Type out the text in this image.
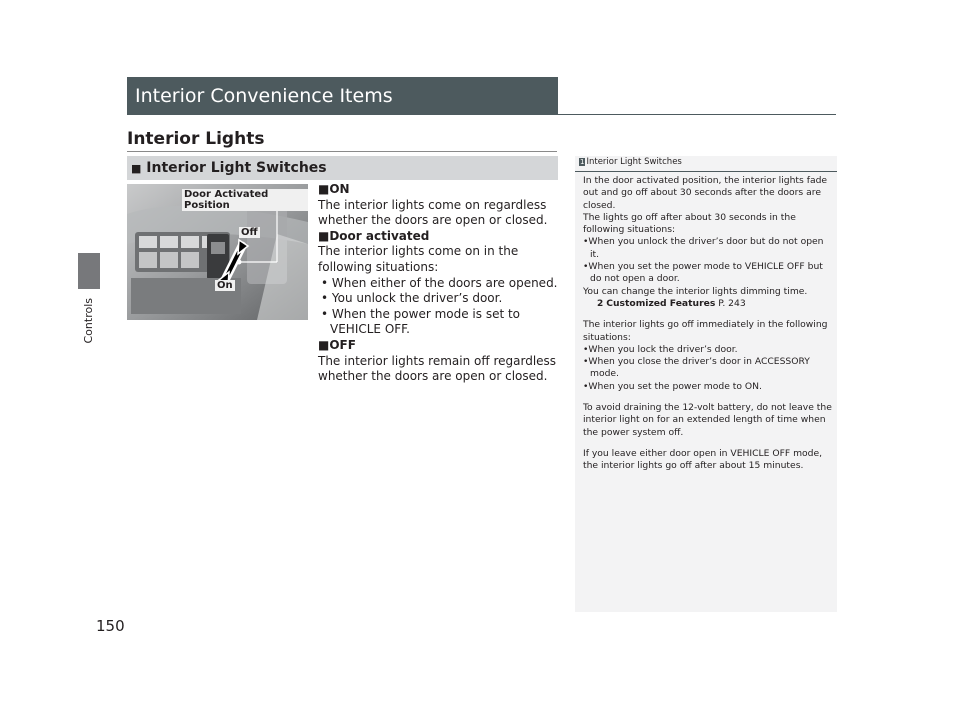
Controls
150
Interior Convenience Items
Interior Lights
■ Interior Light Switches
Door Activated Position
Off
On

■ON

The interior lights come on regardless whether the doors are open or closed.

■Door activated

The interior lights come on in the following situations:

• When either of the doors are opened.

• You unlock the driver’s door.

• When the power mode is set to VEHICLE OFF.

■OFF

The interior lights remain off regardless whether the doors are open or closed.

1 Interior Light Switches

In the door activated position, the interior lights fade out and go off about 30 seconds after the doors are closed.

The lights go off after about 30 seconds in the following situations:

•When you unlock the driver’s door but do not open it.

•When you set the power mode to VEHICLE OFF but do not open a door.

You can change the interior lights dimming time.

2 Customized Features P. 243

The interior lights go off immediately in the following situations:

•When you lock the driver’s door.

•When you close the driver’s door in ACCESSORY mode.

•When you set the power mode to ON.

To avoid draining the 12-volt battery, do not leave the interior light on for an extended length of time when the power system off.

If you leave either door open in VEHICLE OFF mode, the interior lights go off after about 15 minutes.
